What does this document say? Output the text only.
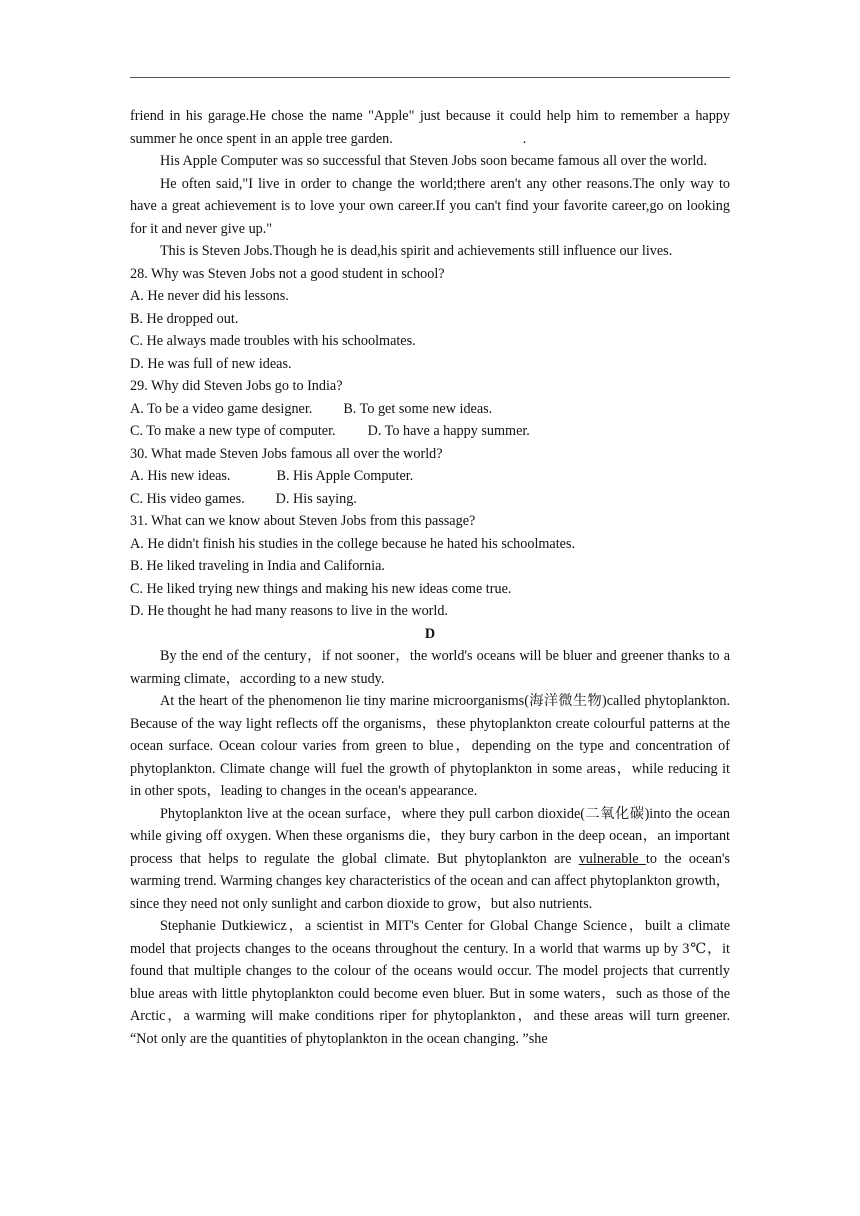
friend in his garage.He chose the name "Apple" just because it could help him to remember a happy summer he once spent in an apple tree garden.	.

His Apple Computer was so successful that Steven Jobs soon became famous all over the world.

He often said,"I live in order to change the world;there aren't any other reasons.The only way to have a great achievement is to love your own career.If you can't find your favorite career,go on looking for it and never give up."

This is Steven Jobs.Though he is dead,his spirit and achievements still influence our lives.

28. Why was Steven Jobs not a good student in school?

A. He never did his lessons.

B. He dropped out.

C. He always made troubles with his schoolmates.

D. He was full of new ideas.

29. Why did Steven Jobs go to India?

A. To be a video game designer. B. To get some new ideas.

C. To make a new type of computer. D. To have a happy summer.

30. What made Steven Jobs famous all over the world?

A. His new ideas.	B. His Apple Computer.

C. His video games. D. His saying.

31. What can we know about Steven Jobs from this passage?

A. He didn't finish his studies in the college because he hated his schoolmates.

B. He liked traveling in India and California.

C. He liked trying new things and making his new ideas come true.

D. He thought he had many reasons to live in the world.

D

By the end of the century，if not sooner，the world's oceans will be bluer and greener thanks to a warming climate，according to a new study.

At the heart of the phenomenon lie tiny marine microorganisms(海洋微生物)called phytoplankton. Because of the way light reflects off the organisms，these phytoplankton create colourful patterns at the ocean surface. Ocean colour varies from green to blue，depending on the type and concentration of phytoplankton. Climate change will fuel the growth of phytoplankton in some areas，while reducing it in other spots，leading to changes in the ocean's appearance.

Phytoplankton live at the ocean surface，where they pull carbon dioxide(二氧化碳)into the ocean while giving off oxygen. When these organisms die，they bury carbon in the deep ocean，an important process that helps to regulate the global climate. But phytoplankton are vulnerable to the ocean's warming trend. Warming changes key characteristics of the ocean and can affect phytoplankton growth，since they need not only sunlight and carbon dioxide to grow，but also nutrients.

Stephanie Dutkiewicz，a scientist in MIT's Center for Global Change Science，built a climate model that projects changes to the oceans throughout the century. In a world that warms up by 3℃，it found that multiple changes to the colour of the oceans would occur. The model projects that currently blue areas with little phytoplankton could become even bluer. But in some waters，such as those of the Arctic，a warming will make conditions riper for phytoplankton，and these areas will turn greener. “Not only are the quantities of phytoplankton in the ocean changing. ”she
